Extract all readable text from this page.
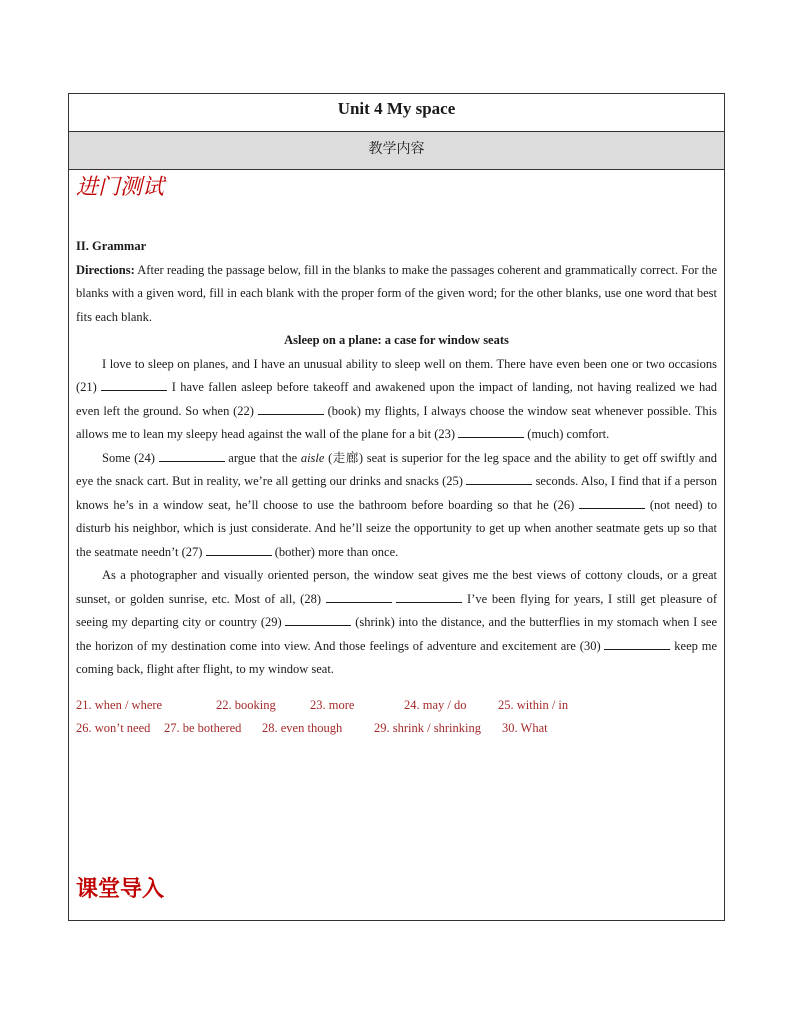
Unit 4 My space
教学内容
进门测试
II. Grammar
Directions: After reading the passage below, fill in the blanks to make the passages coherent and grammatically correct. For the blanks with a given word, fill in each blank with the proper form of the given word; for the other blanks, use one word that best fits each blank.
Asleep on a plane: a case for window seats
I love to sleep on planes, and I have an unusual ability to sleep well on them. There have even been one or two occasions (21)	I have fallen asleep before takeoff and awakened upon the impact of landing, not having realized we had even left the ground. So when (22)	(book) my flights, I always choose the window seat whenever possible. This allows me to lean my sleepy head against the wall of the plane for a bit (23)	(much) comfort.
Some (24)	argue that the aisle (走廊) seat is superior for the leg space and the ability to get off swiftly and eye the snack cart. But in reality, we’re all getting our drinks and snacks (25)	seconds. Also, I find that if a person knows he’s in a window seat, he’ll choose to use the bathroom before boarding so that he (26)	(not need) to disturb his neighbor, which is just considerate. And he’ll seize the opportunity to get up when another seatmate gets up so that the seatmate needn’t (27)	(bother) more than once.
As a photographer and visually oriented person, the window seat gives me the best views of cottony clouds, or a great sunset, or golden sunrise, etc. Most of all, (28)	I’ve been flying for years, I still get pleasure of seeing my departing city or country (29)	(shrink) into the distance, and the butterflies in my stomach when I see the horizon of my destination come into view. And those feelings of adventure and excitement are (30)	keep me coming back, flight after flight, to my window seat.
21. when / where	22. booking	23. more	24. may / do	25. within / in
26. won’t need 27. be bothered 28. even though	29. shrink / shrinking 30. What
课堂导入
